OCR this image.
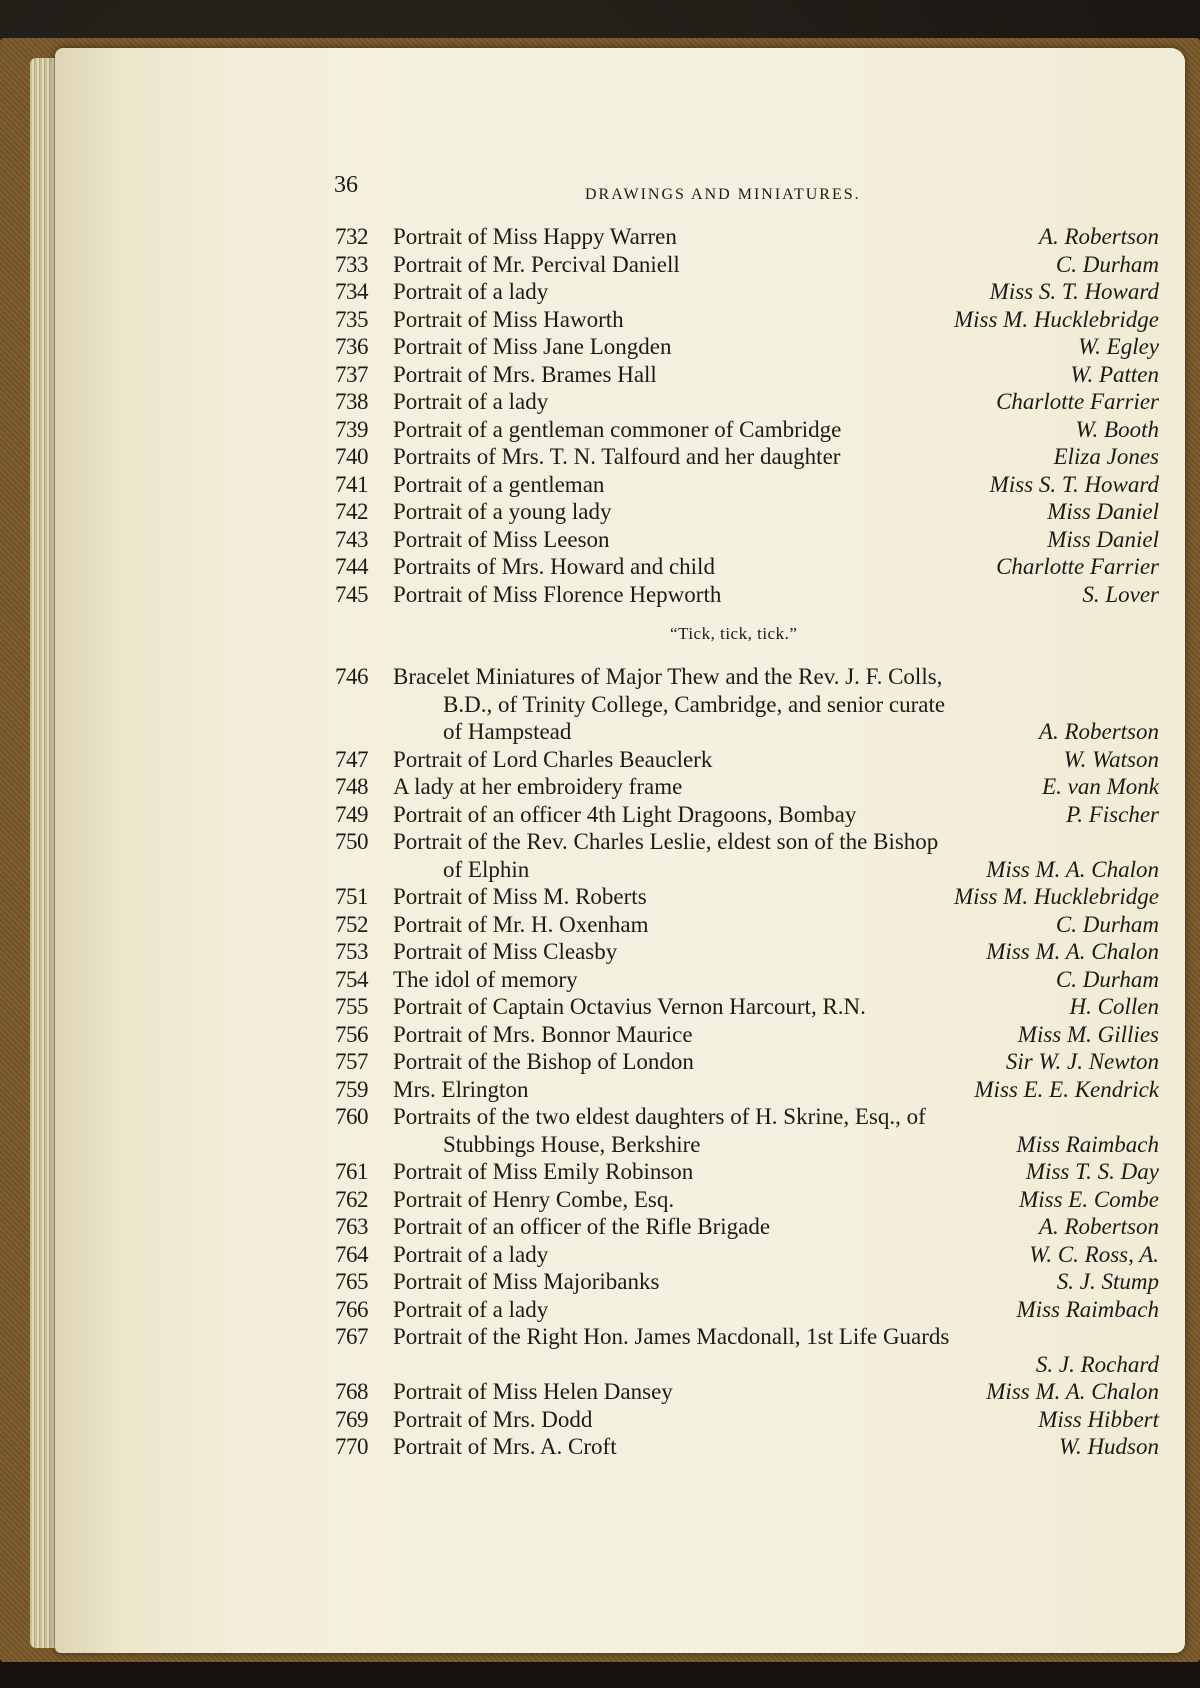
36	DRAWINGS AND MINIATURES.
732	Portrait of Miss Happy Warren	A. Robertson
733	Portrait of Mr. Percival Daniell	C. Durham
734	Portrait of a lady	Miss S. T. Howard
735	Portrait of Miss Haworth	Miss M. Hucklebridge
736	Portrait of Miss Jane Longden	W. Egley
737	Portrait of Mrs. Brames Hall	W. Patten
738	Portrait of a lady	Charlotte Farrier
739	Portrait of a gentleman commoner of Cambridge	W. Booth
740	Portraits of Mrs. T. N. Talfourd and her daughter	Eliza Jones
741	Portrait of a gentleman	Miss S. T. Howard
742	Portrait of a young lady	Miss Daniel
743	Portrait of Miss Leeson	Miss Daniel
744	Portraits of Mrs. Howard and child	Charlotte Farrier
745	Portrait of Miss Florence Hepworth	S. Lover
“Tick, tick, tick.”
746	Bracelet Miniatures of Major Thew and the Rev. J. F. Colls,
B.D., of Trinity College, Cambridge, and senior curate
of Hampstead	A. Robertson
747	Portrait of Lord Charles Beauclerk	W. Watson
748	A lady at her embroidery frame	E. van Monk
749	Portrait of an officer 4th Light Dragoons, Bombay	P. Fischer
750	Portrait of the Rev. Charles Leslie, eldest son of the Bishop
of Elphin	Miss M. A. Chalon
751	Portrait of Miss M. Roberts	Miss M. Hucklebridge
752	Portrait of Mr. H. Oxenham	C. Durham
753	Portrait of Miss Cleasby	Miss M. A. Chalon
754	The idol of memory	C. Durham
755	Portrait of Captain Octavius Vernon Harcourt, R.N.	H. Collen
756	Portrait of Mrs. Bonnor Maurice	Miss M. Gillies
757	Portrait of the Bishop of London	Sir W. J. Newton
759	Mrs. Elrington	Miss E. E. Kendrick
760	Portraits of the two eldest daughters of H. Skrine, Esq., of
Stubbings House, Berkshire	Miss Raimbach
761	Portrait of Miss Emily Robinson	Miss T. S. Day
762	Portrait of Henry Combe, Esq.	Miss E. Combe
763	Portrait of an officer of the Rifle Brigade	A. Robertson
764	Portrait of a lady	W. C. Ross, A.
765	Portrait of Miss Majoribanks	S. J. Stump
766	Portrait of a lady	Miss Raimbach
767	Portrait of the Right Hon. James Macdonall, 1st Life Guards
S. J. Rochard
768	Portrait of Miss Helen Dansey	Miss M. A. Chalon
769	Portrait of Mrs. Dodd	Miss Hibbert
770	Portrait of Mrs. A. Croft	W. Hudson
